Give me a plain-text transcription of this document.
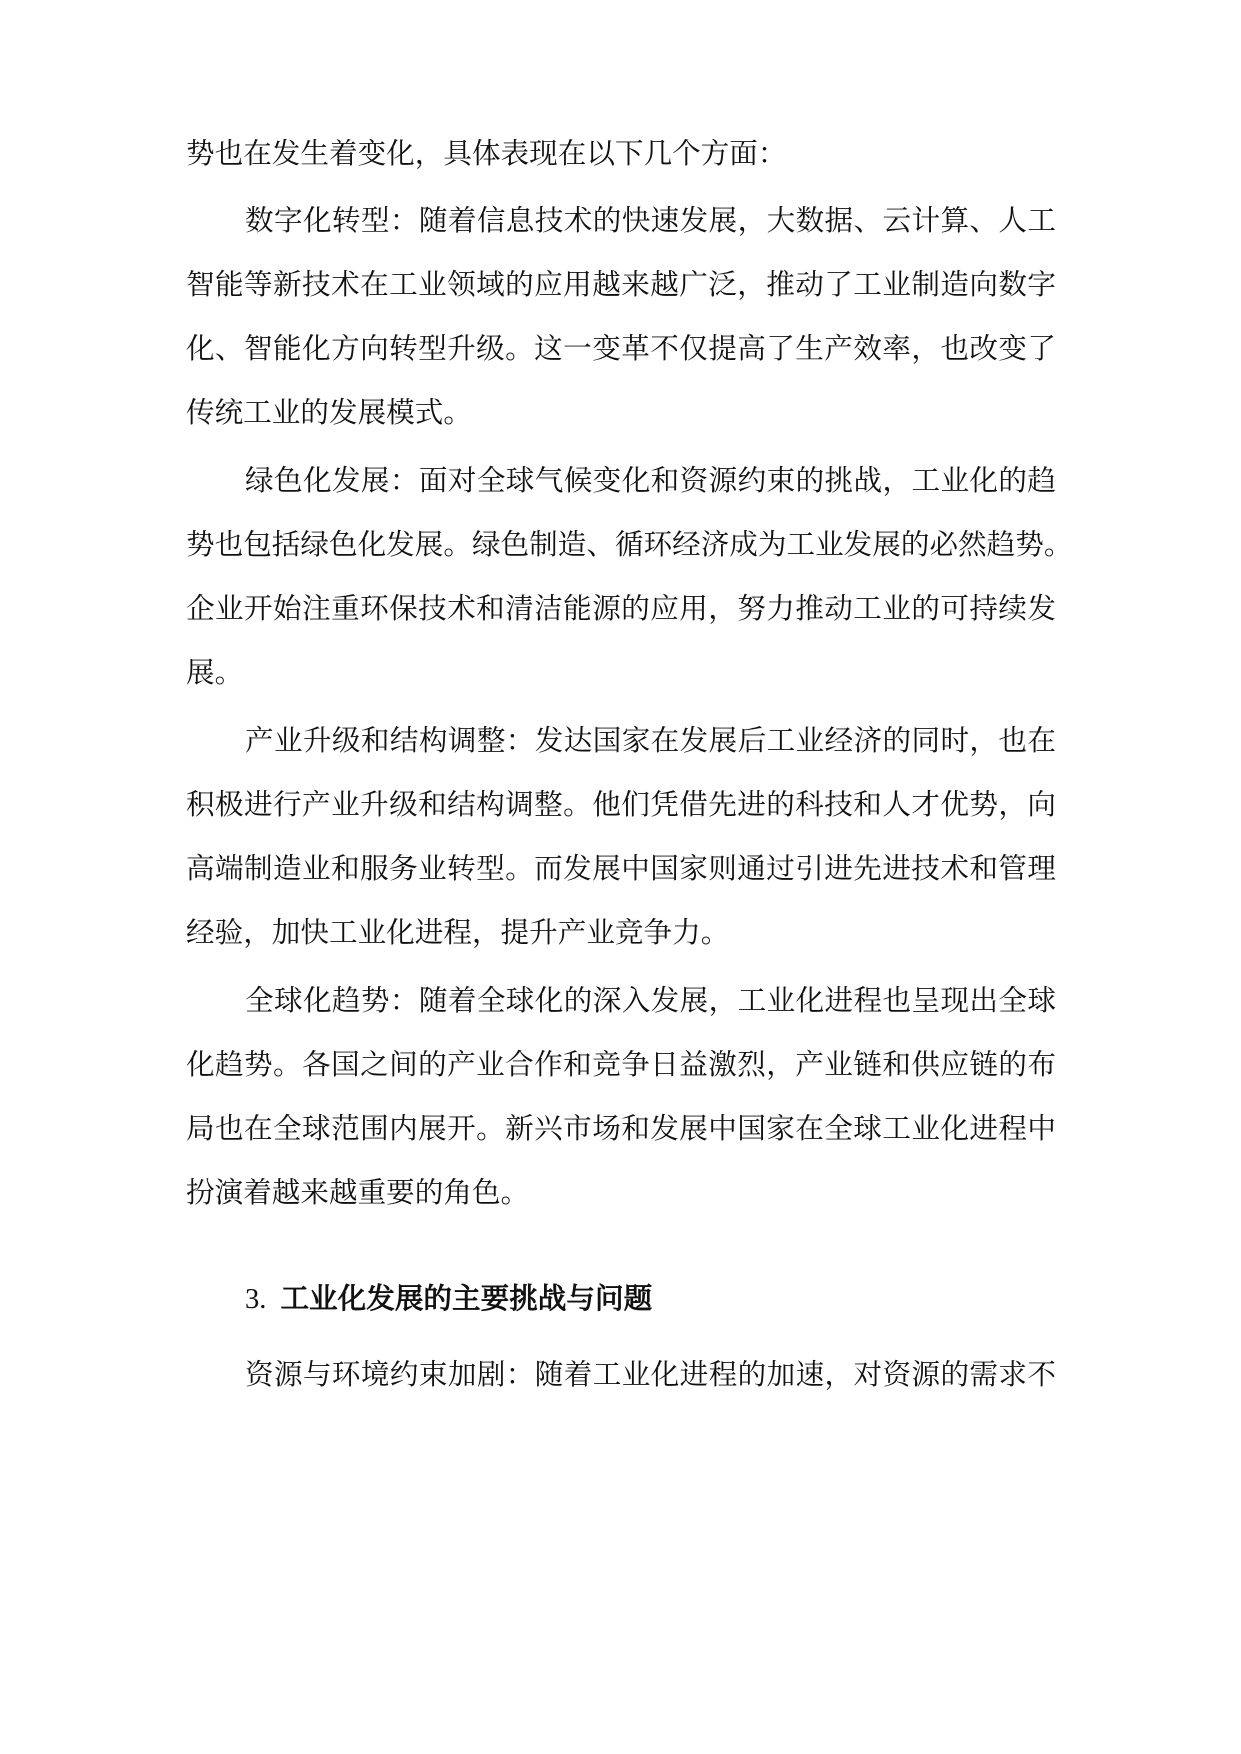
势也在发生着变化，具体表现在以下几个方面：
数字化转型：随着信息技术的快速发展，大数据、云计算、人工
智能等新技术在工业领域的应用越来越广泛，推动了工业制造向数字
化、智能化方向转型升级。这一变革不仅提高了生产效率，也改变了
传统工业的发展模式。
绿色化发展：面对全球气候变化和资源约束的挑战，工业化的趋
势也包括绿色化发展。绿色制造、循环经济成为工业发展的必然趋势。
企业开始注重环保技术和清洁能源的应用，努力推动工业的可持续发
展。
产业升级和结构调整：发达国家在发展后工业经济的同时，也在
积极进行产业升级和结构调整。他们凭借先进的科技和人才优势，向
高端制造业和服务业转型。而发展中国家则通过引进先进技术和管理
经验，加快工业化进程，提升产业竞争力。
全球化趋势：随着全球化的深入发展，工业化进程也呈现出全球
化趋势。各国之间的产业合作和竞争日益激烈，产业链和供应链的布
局也在全球范围内展开。新兴市场和发展中国家在全球工业化进程中
扮演着越来越重要的角色。
3. 工业化发展的主要挑战与问题
资源与环境约束加剧：随着工业化进程的加速，对资源的需求不
